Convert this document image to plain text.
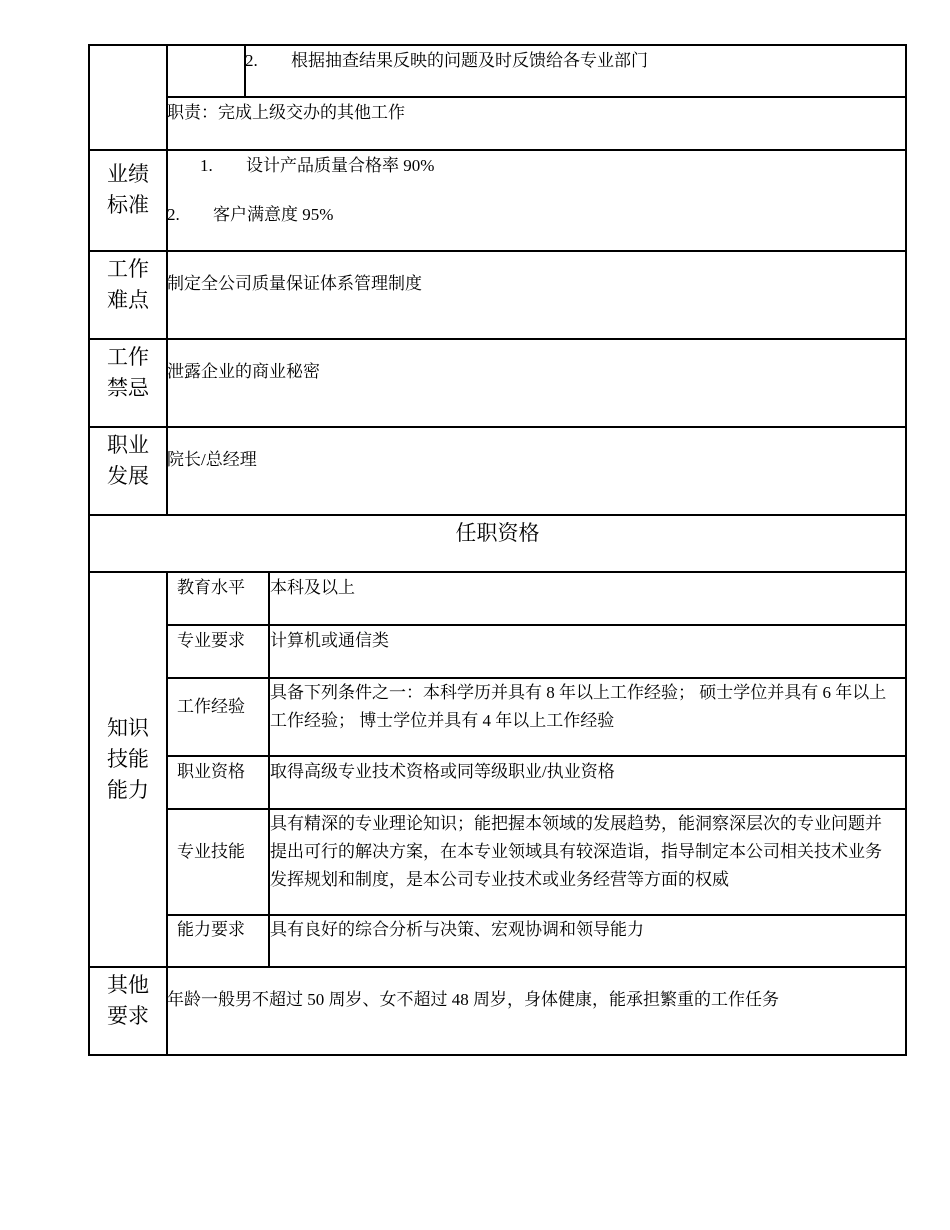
2. 根据抽查结果反映的问题及时反馈给各专业部门
职责：完成上级交办的其他工作
业绩
标准
1. 设计产品质量合格率 90%
2. 客户满意度 95%
工作
难点
制定全公司质量保证体系管理制度
工作
禁忌
泄露企业的商业秘密
职业
发展
院长/总经理
任职资格
知识
技能
能力
教育水平
专业要求
工作经验
职业资格
专业技能
能力要求
本科及以上
计算机或通信类
具备下列条件之一：本科学历并具有 8 年以上工作经验； 硕士学位并具有 6 年以上工作经验； 博士学位并具有 4 年以上工作经验
取得高级专业技术资格或同等级职业/执业资格
具有精深的专业理论知识；能把握本领域的发展趋势，能洞察深层次的专业问题并提出可行的解决方案，在本专业领域具有较深造诣，指导制定本公司相关技术业务发挥规划和制度，是本公司专业技术或业务经营等方面的权威
具有良好的综合分析与决策、宏观协调和领导能力
其他
要求
年龄一般男不超过 50 周岁、女不超过 48 周岁，身体健康，能承担繁重的工作任务
